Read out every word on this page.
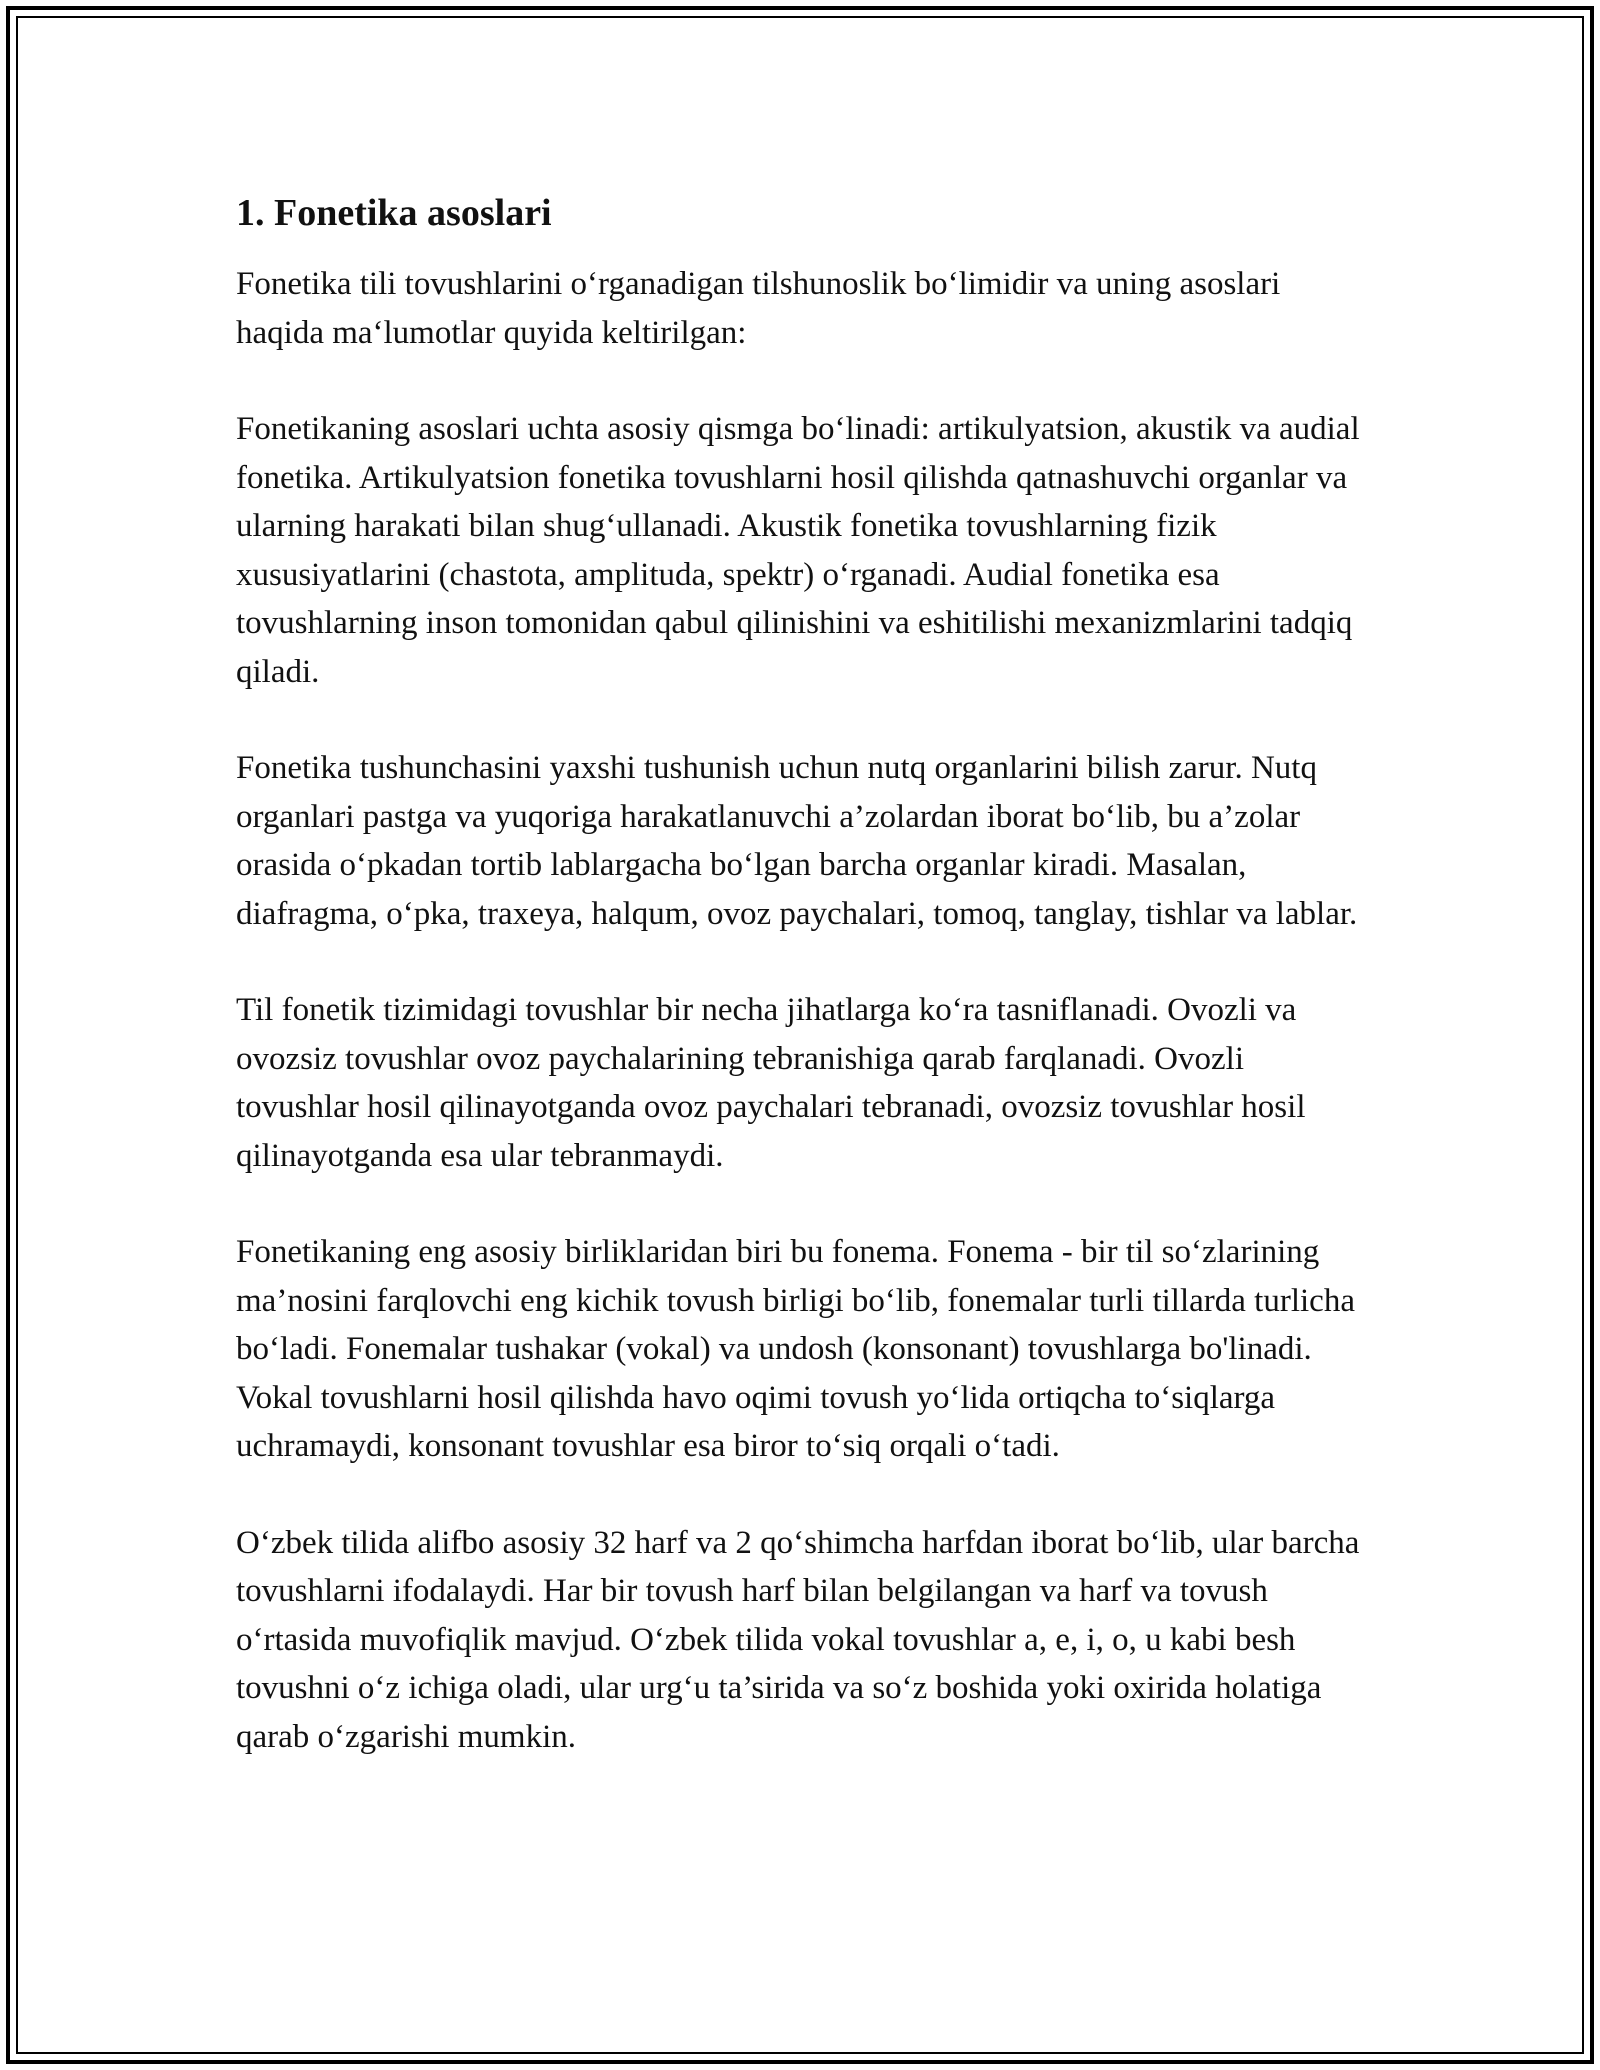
1. Fonetika asoslari

Fonetika tili tovushlarini o‘rganadigan tilshunoslik bo‘limidir va uning asoslari haqida ma‘lumotlar quyida keltirilgan:

Fonetikaning asoslari uchta asosiy qismga bo‘linadi: artikulyatsion, akustik va audial fonetika. Artikulyatsion fonetika tovushlarni hosil qilishda qatnashuvchi organlar va ularning harakati bilan shug‘ullanadi. Akustik fonetika tovushlarning fizik xususiyatlarini (chastota, amplituda, spektr) o‘rganadi. Audial fonetika esa tovushlarning inson tomonidan qabul qilinishini va eshitilishi mexanizmlarini tadqiq qiladi.

Fonetika tushunchasini yaxshi tushunish uchun nutq organlarini bilish zarur. Nutq organlari pastga va yuqoriga harakatlanuvchi a’zolardan iborat bo‘lib, bu a’zolar orasida o‘pkadan tortib lablargacha bo‘lgan barcha organlar kiradi. Masalan, diafragma, o‘pka, traxeya, halqum, ovoz paychalari, tomoq, tanglay, tishlar va lablar.

Til fonetik tizimidagi tovushlar bir necha jihatlarga ko‘ra tasniflanadi. Ovozli va ovozsiz tovushlar ovoz paychalarining tebranishiga qarab farqlanadi. Ovozli tovushlar hosil qilinayotganda ovoz paychalari tebranadi, ovozsiz tovushlar hosil qilinayotganda esa ular tebranmaydi.

Fonetikaning eng asosiy birliklaridan biri bu fonema. Fonema - bir til so‘zlarining ma’nosini farqlovchi eng kichik tovush birligi bo‘lib, fonemalar turli tillarda turlicha bo‘ladi. Fonemalar tushakar (vokal) va undosh (konsonant) tovushlarga bo'linadi. Vokal tovushlarni hosil qilishda havo oqimi tovush yo‘lida ortiqcha to‘siqlarga uchramaydi, konsonant tovushlar esa biror to‘siq orqali o‘tadi.

O‘zbek tilida alifbo asosiy 32 harf va 2 qo‘shimcha harfdan iborat bo‘lib, ular barcha tovushlarni ifodalaydi. Har bir tovush harf bilan belgilangan va harf va tovush o‘rtasida muvofiqlik mavjud. O‘zbek tilida vokal tovushlar a, e, i, o, u kabi besh tovushni o‘z ichiga oladi, ular urg‘u ta’sirida va so‘z boshida yoki oxirida holatiga qarab o‘zgarishi mumkin.
